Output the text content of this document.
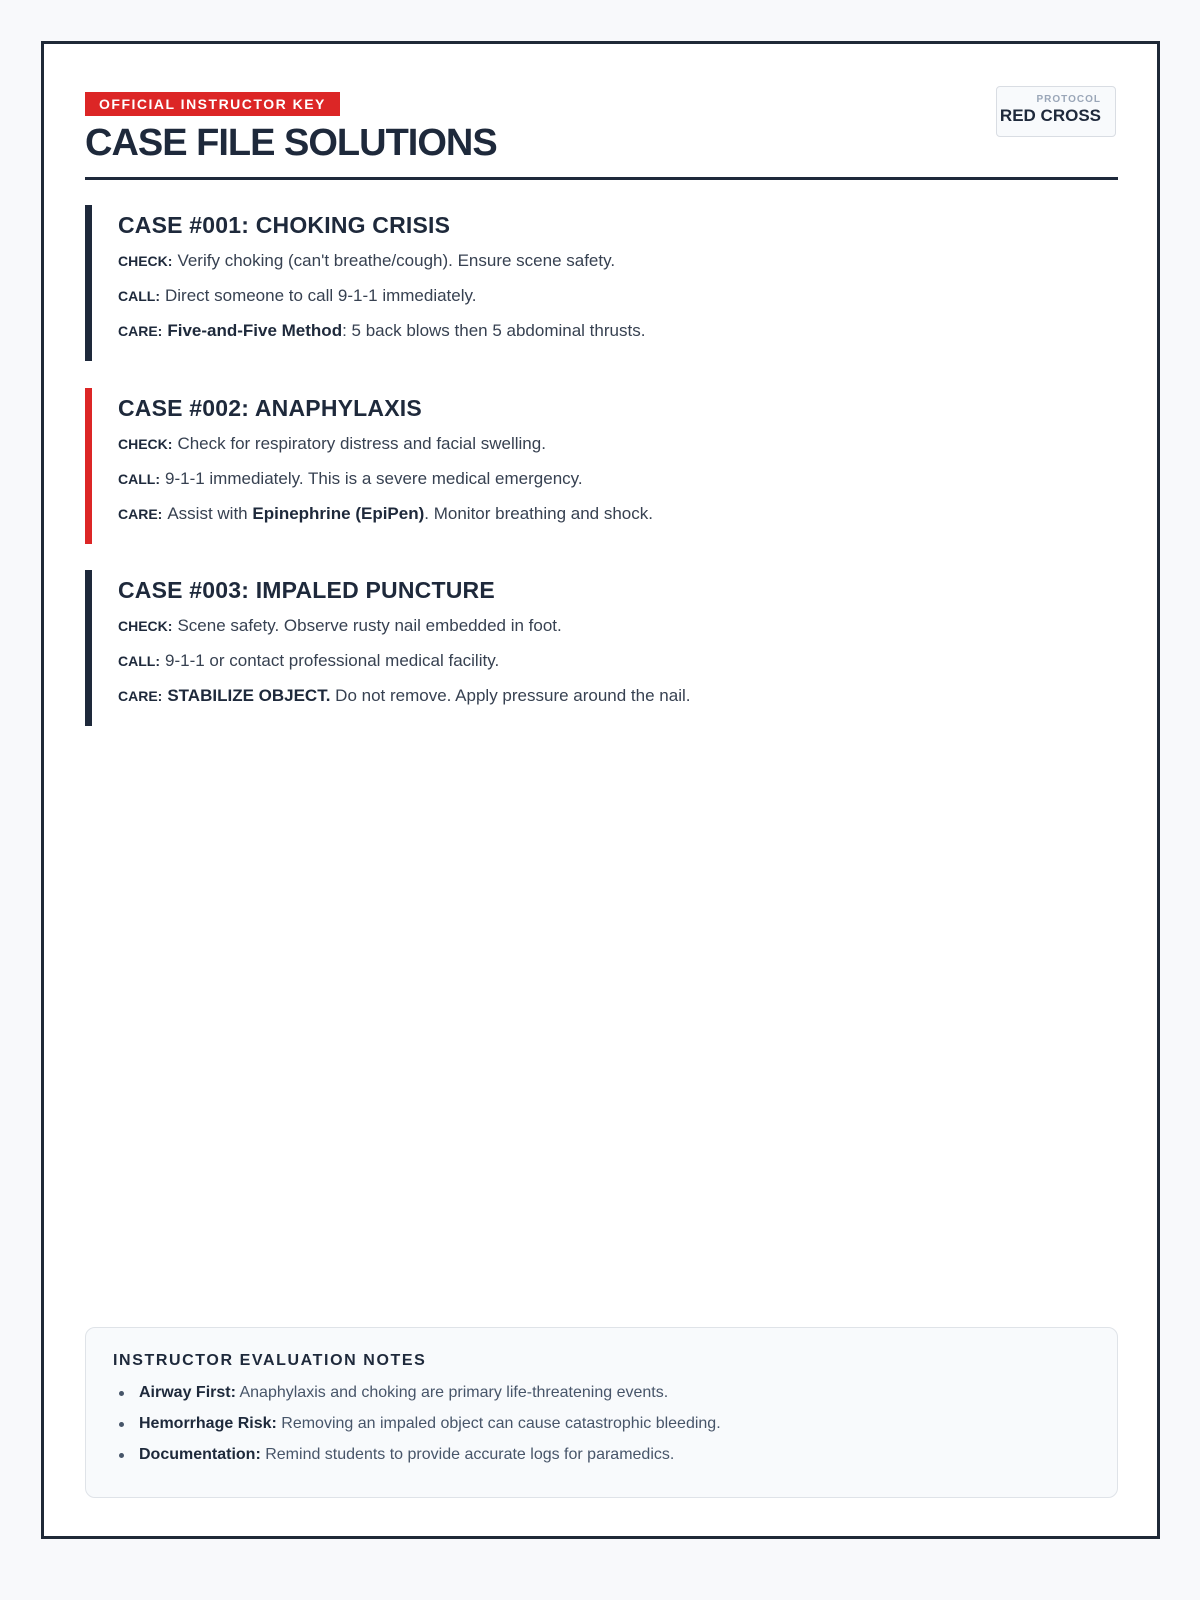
OFFICIAL INSTRUCTOR KEY
CASE FILE SOLUTIONS
PROTOCOL
RED CROSS
CASE #001: CHOKING CRISIS

CHECK: Verify choking (can't breathe/cough). Ensure scene safety.

CALL: Direct someone to call 9-1-1 immediately.

CARE: Five-and-Five Method: 5 back blows then 5 abdominal thrusts.

CASE #002: ANAPHYLAXIS

CHECK: Check for respiratory distress and facial swelling.

CALL: 9-1-1 immediately. This is a severe medical emergency.

CARE: Assist with Epinephrine (EpiPen). Monitor breathing and shock.

CASE #003: IMPALED PUNCTURE

CHECK: Scene safety. Observe rusty nail embedded in foot.

CALL: 9-1-1 or contact professional medical facility.

CARE: STABILIZE OBJECT. Do not remove. Apply pressure around the nail.

INSTRUCTOR EVALUATION NOTES
Airway First: Anaphylaxis and choking are primary life-threatening events.
Hemorrhage Risk: Removing an impaled object can cause catastrophic bleeding.
Documentation: Remind students to provide accurate logs for paramedics.
